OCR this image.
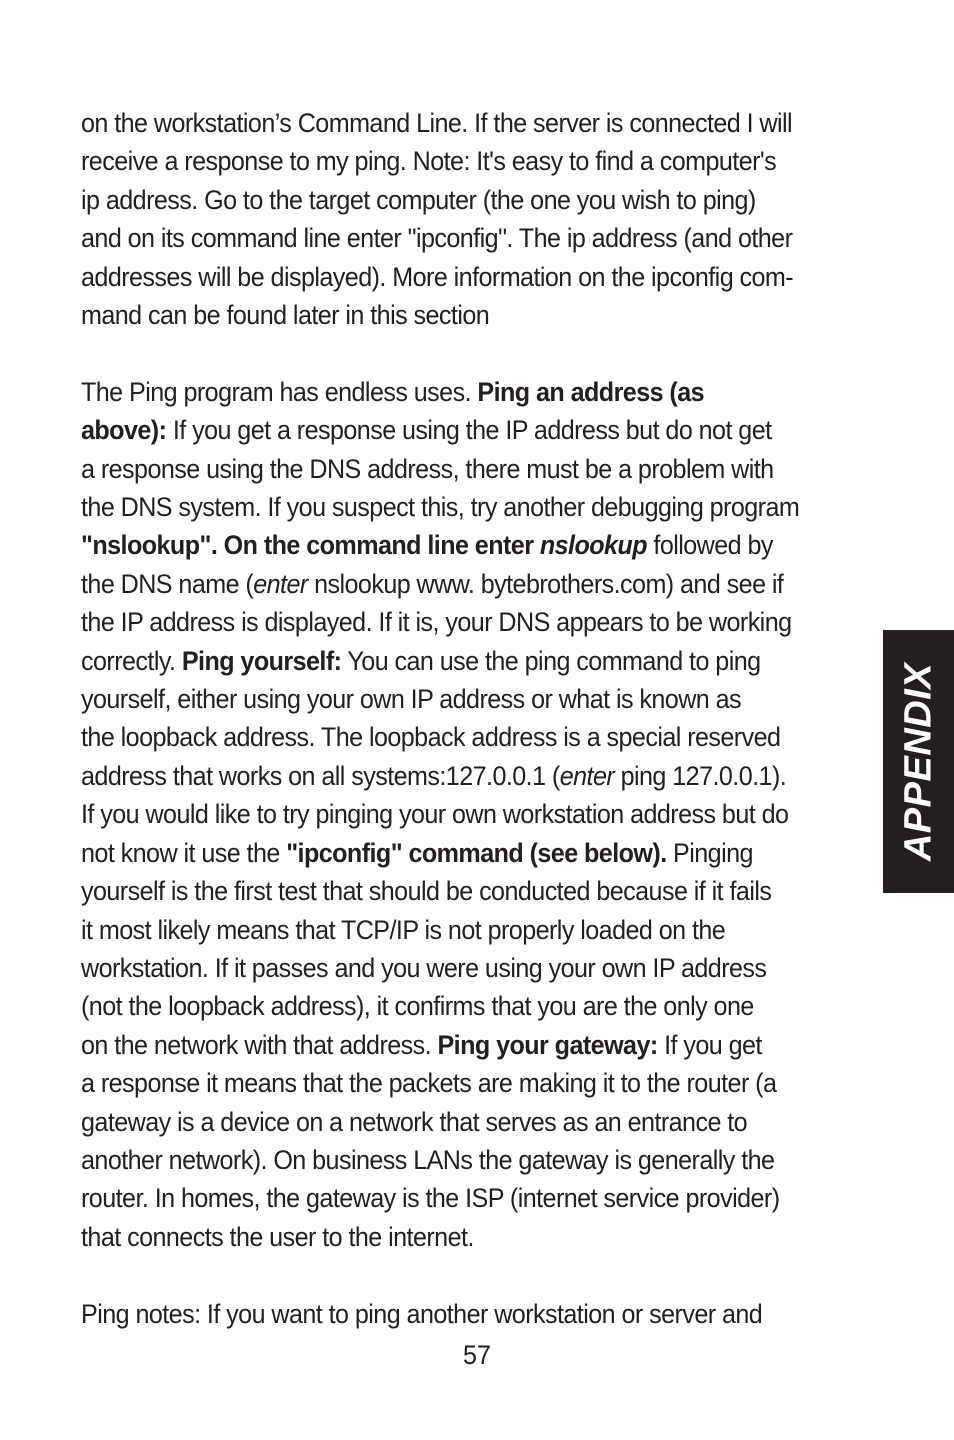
on the workstation’s Command Line. If the server is connected I will
receive a response to my ping. Note: It's easy to find a computer's
ip address. Go to the target computer (the one you wish to ping)
and on its command line enter "ipconfig". The ip address (and other
addresses will be displayed). More information on the ipconfig com-
mand can be found later in this section
The Ping program has endless uses. Ping an address (as
above): If you get a response using the IP address but do not get
a response using the DNS address, there must be a problem with
the DNS system. If you suspect this, try another debugging program
"nslookup". On the command line enter nslookup followed by
the DNS name (enter nslookup www. bytebrothers.com) and see if
the IP address is displayed. If it is, your DNS appears to be working
correctly. Ping yourself: You can use the ping command to ping
yourself, either using your own IP address or what is known as
the loopback address. The loopback address is a special reserved
address that works on all systems:127.0.0.1 (enter ping 127.0.0.1).
If you would like to try pinging your own workstation address but do
not know it use the "ipconfig" command (see below). Pinging
yourself is the first test that should be conducted because if it fails
it most likely means that TCP/IP is not properly loaded on the
workstation. If it passes and you were using your own IP address
(not the loopback address), it confirms that you are the only one
on the network with that address. Ping your gateway: If you get
a response it means that the packets are making it to the router (a
gateway is a device on a network that serves as an entrance to
another network). On business LANs the gateway is generally the
router. In homes, the gateway is the ISP (internet service provider)
that connects the user to the internet.
Ping notes: If you want to ping another workstation or server and
57
APPENDIX
